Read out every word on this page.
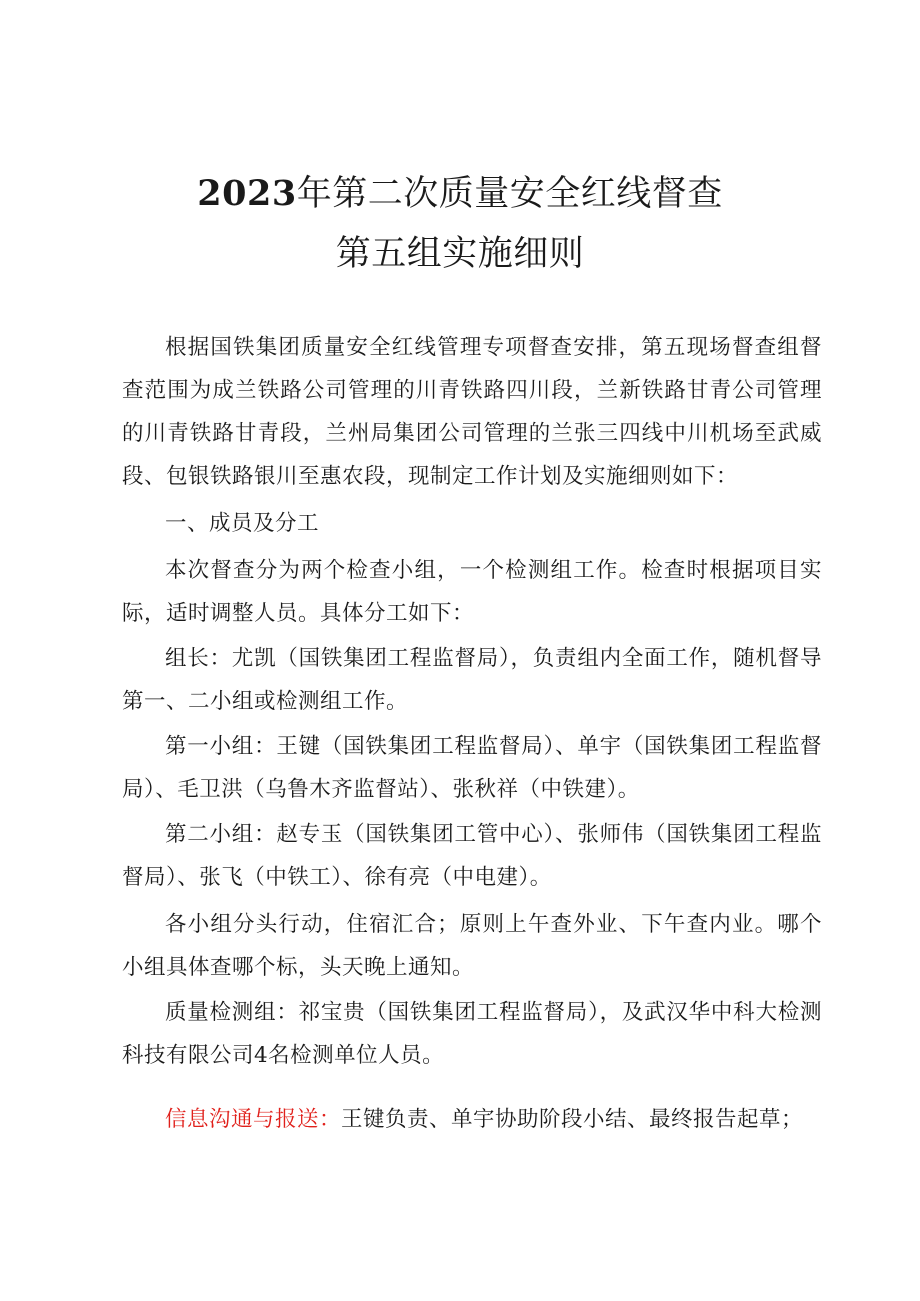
2023年第二次质量安全红线督查
第五组实施细则

根据国铁集团质量安全红线管理专项督查安排，第五现场督查组督查范围为成兰铁路公司管理的川青铁路四川段，兰新铁路甘青公司管理的川青铁路甘青段，兰州局集团公司管理的兰张三四线中川机场至武威段、包银铁路银川至惠农段，现制定工作计划及实施细则如下：

一、成员及分工

本次督查分为两个检查小组，一个检测组工作。检查时根据项目实际，适时调整人员。具体分工如下：

组长：尤凯（国铁集团工程监督局），负责组内全面工作，随机督导第一、二小组或检测组工作。

第一小组：王键（国铁集团工程监督局）、单宇（国铁集团工程监督局）、毛卫洪（乌鲁木齐监督站）、张秋祥（中铁建）。

第二小组：赵专玉（国铁集团工管中心）、张师伟（国铁集团工程监督局）、张飞（中铁工）、徐有亮（中电建）。

各小组分头行动，住宿汇合；原则上午查外业、下午查内业。哪个小组具体查哪个标，头天晚上通知。

质量检测组：祁宝贵（国铁集团工程监督局），及武汉华中科大检测科技有限公司4名检测单位人员。

信息沟通与报送：王键负责、单宇协助阶段小结、最终报告起草；
